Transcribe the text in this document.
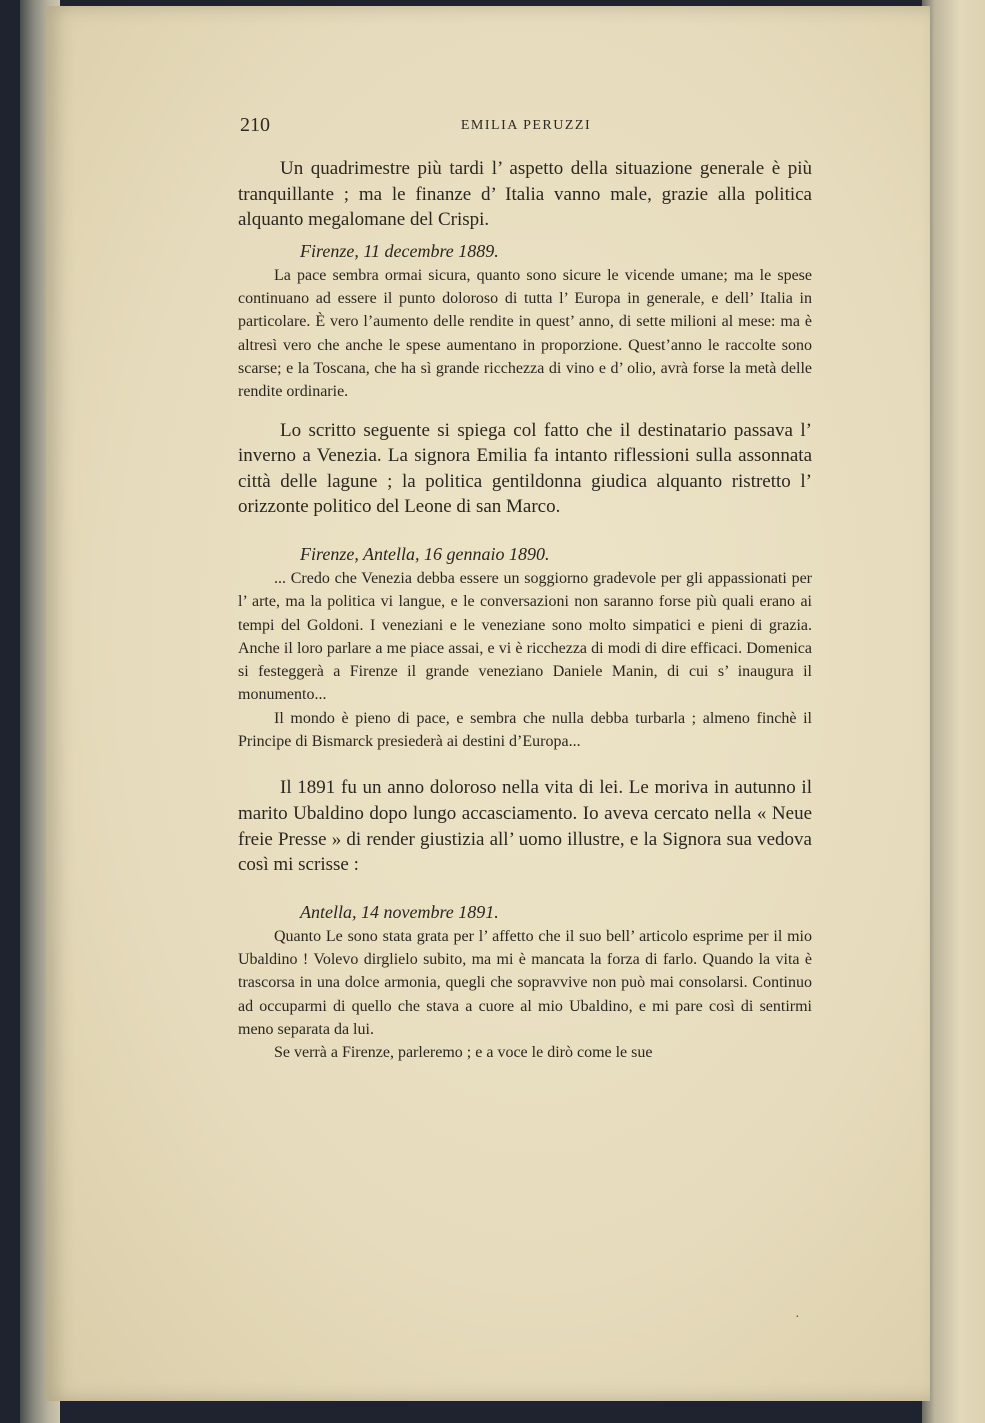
210	EMILIA PERUZZI

Un quadrimestre più tardi l’ aspetto della situazione generale è più tranquillante ; ma le finanze d’ Italia vanno male, grazie alla politica alquanto megalomane del Crispi.

Firenze, 11 decembre 1889.

La pace sembra ormai sicura, quanto sono sicure le vicende umane; ma le spese continuano ad essere il punto doloroso di tutta l’ Europa in generale, e dell’ Italia in particolare. È vero l’aumento delle rendite in quest’ anno, di sette milioni al mese: ma è altresì vero che anche le spese aumentano in proporzione. Quest’anno le raccolte sono scarse; e la Toscana, che ha sì grande ricchezza di vino e d’ olio, avrà forse la metà delle rendite ordinarie.

Lo scritto seguente si spiega col fatto che il destinatario passava l’ inverno a Venezia. La signora Emilia fa intanto riflessioni sulla assonnata città delle lagune ; la politica gentildonna giudica alquanto ristretto l’ orizzonte politico del Leone di san Marco.

Firenze, Antella, 16 gennaio 1890.

... Credo che Venezia debba essere un soggiorno gradevole per gli appassionati per l’ arte, ma la politica vi langue, e le conversazioni non saranno forse più quali erano ai tempi del Goldoni. I veneziani e le veneziane sono molto simpatici e pieni di grazia. Anche il loro parlare a me piace assai, e vi è ricchezza di modi di dire efficaci. Domenica si festeggerà a Firenze il grande veneziano Daniele Manin, di cui s’ inaugura il monumento...

Il mondo è pieno di pace, e sembra che nulla debba turbarla ; almeno finchè il Principe di Bismarck presiederà ai destini d’Europa...

Il 1891 fu un anno doloroso nella vita di lei. Le moriva in autunno il marito Ubaldino dopo lungo accasciamento. Io aveva cercato nella « Neue freie Presse » di render giustizia all’ uomo illustre, e la Signora sua vedova così mi scrisse :

Antella, 14 novembre 1891.

Quanto Le sono stata grata per l’ affetto che il suo bell’ articolo esprime per il mio Ubaldino ! Volevo dirglielo subito, ma mi è mancata la forza di farlo. Quando la vita è trascorsa in una dolce armonia, quegli che sopravvive non può mai consolarsi. Continuo ad occuparmi di quello che stava a cuore al mio Ubaldino, e mi pare così di sentirmi meno separata da lui.

Se verrà a Firenze, parleremo ; e a voce le dirò come le sue

·
